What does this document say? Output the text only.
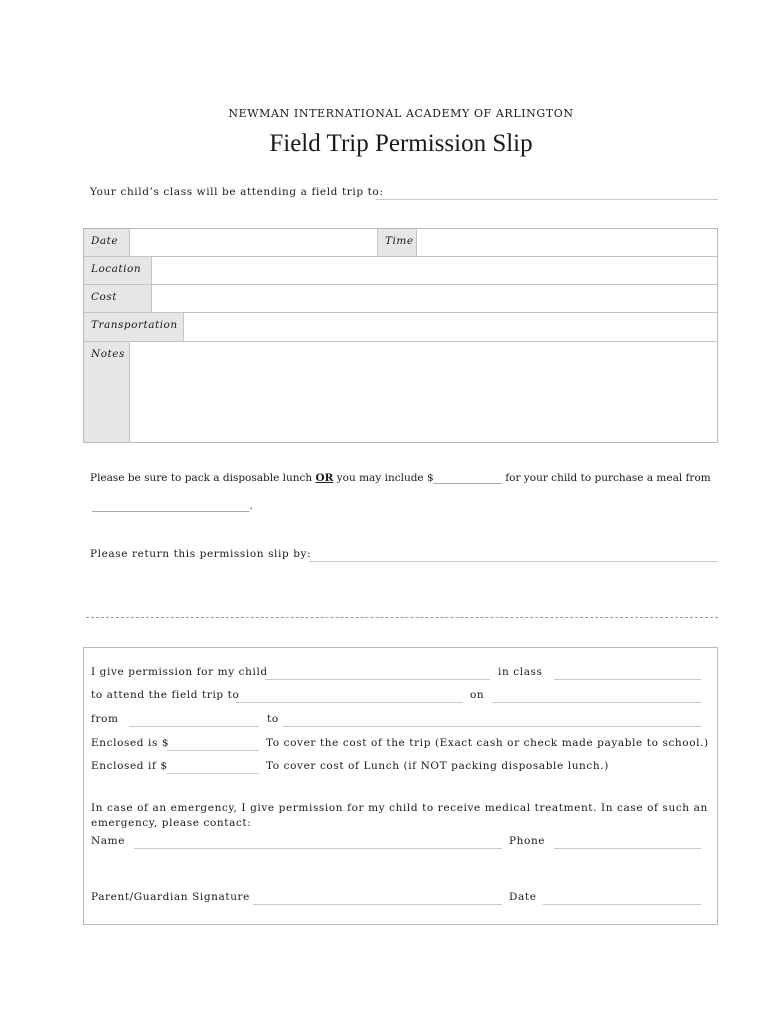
NEWMAN INTERNATIONAL ACADEMY OF ARLINGTON
Field Trip Permission Slip
Your child’s class will be attending a field trip to:
Date	Time
Location
Cost
Transportation
Notes
Please be sure to pack a disposable lunch OR you may include $_____________ for your child to purchase a meal from
______________________________.
Please return this permission slip by:
I give permission for my child	in class
to attend the field trip to	on
from	to
Enclosed is $	To cover the cost of the trip (Exact cash or check made payable to school.)
Enclosed if $	To cover cost of Lunch (if NOT packing disposable lunch.)
In case of an emergency, I give permission for my child to receive medical treatment. In case of such an
emergency, please contact:
Name	Phone
Parent/Guardian Signature	Date
